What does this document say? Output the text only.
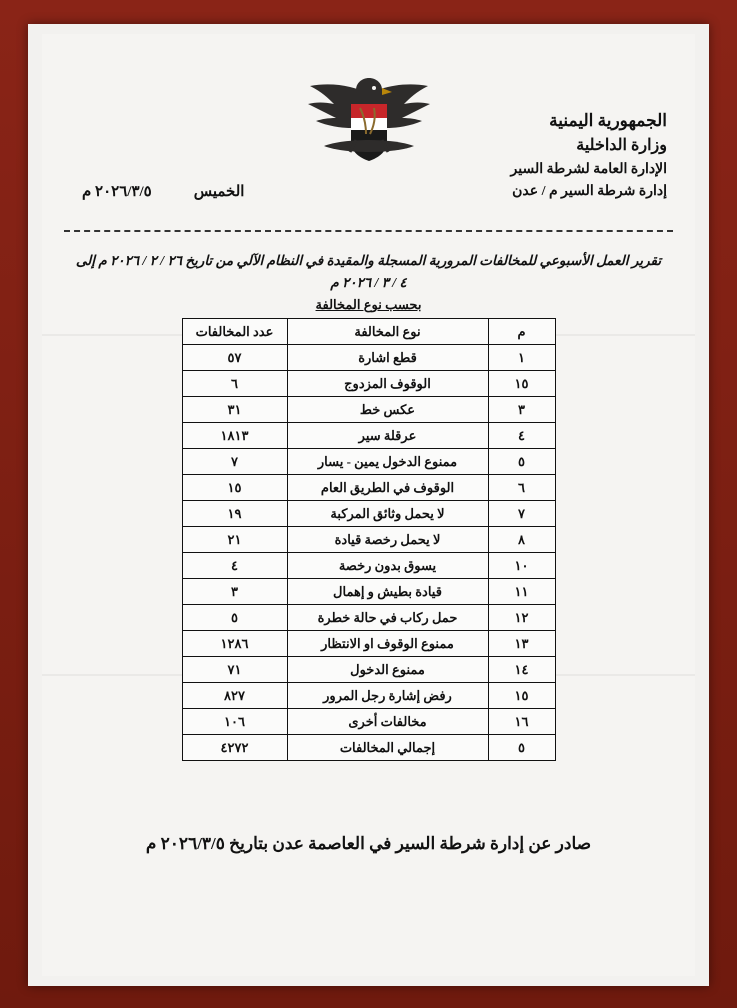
الجمهورية اليمنية
وزارة الداخلية
الإدارة العامة لشرطة السير
إدارة شرطة السير م / عدن
الخميس٢٠٢٦/٣/٥ م
تقرير العمل الأسبوعي للمخالفات المرورية المسجلة والمقيدة في النظام الآلي من تاريخ ٢٦ / ٢ / ٢٠٢٦ م إلى ٤ / ٣ / ٢٠٢٦ م
بحسب نوع المخالفة
م	نوع المخالفة	عدد المخالفات
١	قطع اشارة	٥٧
١٥	الوقوف المزدوج	٦
٣	عكس خط	٣١
٤	عرقلة سير	١٨١٣
٥	ممنوع الدخول يمين - يسار	٧
٦	الوقوف في الطريق العام	١٥
٧	لا يحمل وثائق المركبة	١٩
٨	لا يحمل رخصة قيادة	٢١
١٠	يسوق بدون رخصة	٤
١١	قيادة بطيش و إهمال	٣
١٢	حمل ركاب في حالة خطرة	٥
١٣	ممنوع الوقوف او الانتظار	١٢٨٦
١٤	ممنوع الدخول	٧١
١٥	رفض إشارة رجل المرور	٨٢٧
١٦	مخالفات أخرى	١٠٦
٥	إجمالي المخالفات	٤٢٧٢
صادر عن إدارة شرطة السير في العاصمة عدن بتاريخ ٢٠٢٦/٣/٥ م
